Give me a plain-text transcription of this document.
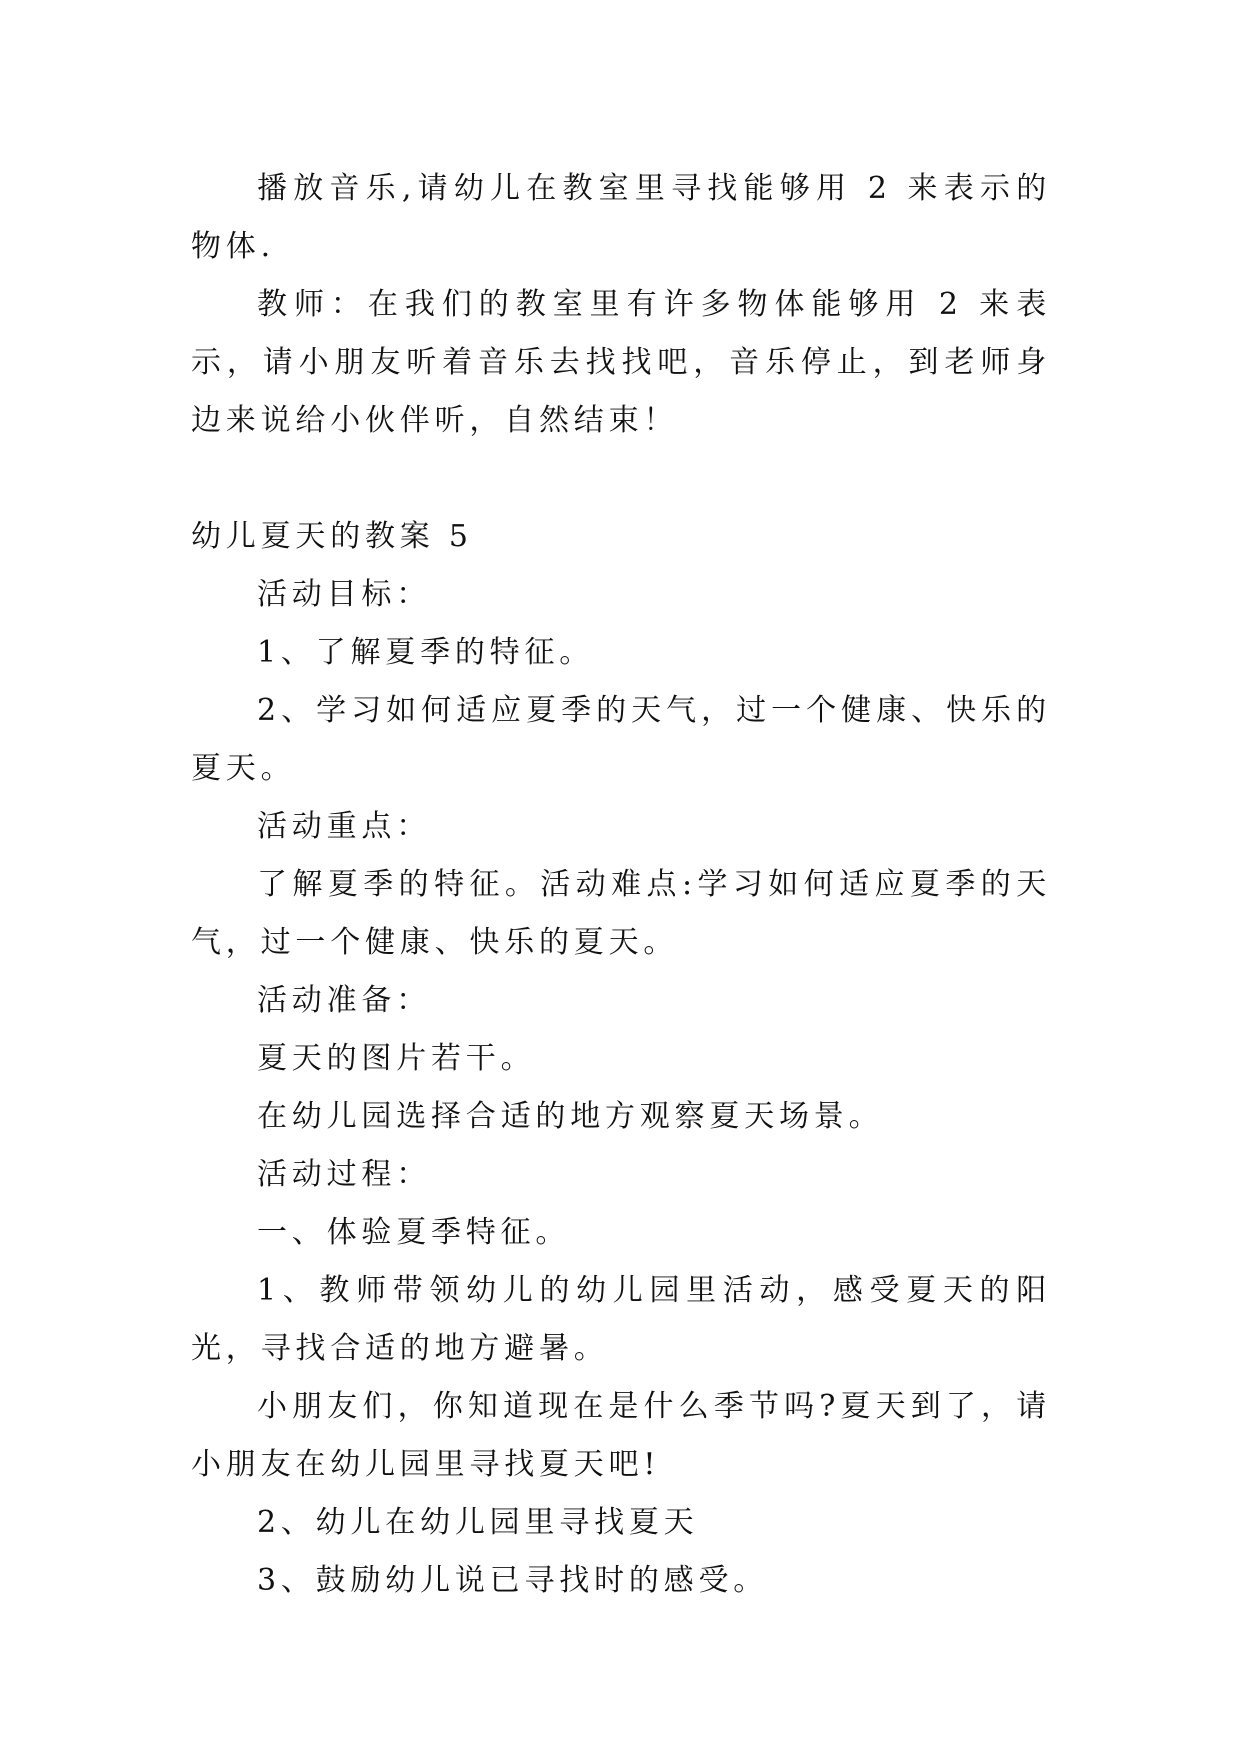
播放音乐,请幼儿在教室里寻找能够用 2 来表示的物体.

教师：在我们的教室里有许多物体能够用 2 来表示，请小朋友听着音乐去找找吧，音乐停止，到老师身边来说给小伙伴听，自然结束！

幼儿夏天的教案 5

活动目标：

1、了解夏季的特征。

2、学习如何适应夏季的天气，过一个健康、快乐的夏天。

活动重点：

了解夏季的特征。活动难点:学习如何适应夏季的天气，过一个健康、快乐的夏天。

活动准备：

夏天的图片若干。

在幼儿园选择合适的地方观察夏天场景。

活动过程：

一、体验夏季特征。

1、教师带领幼儿的幼儿园里活动，感受夏天的阳光，寻找合适的地方避暑。

小朋友们，你知道现在是什么季节吗?夏天到了，请小朋友在幼儿园里寻找夏天吧!

2、幼儿在幼儿园里寻找夏天

3、鼓励幼儿说已寻找时的感受。
